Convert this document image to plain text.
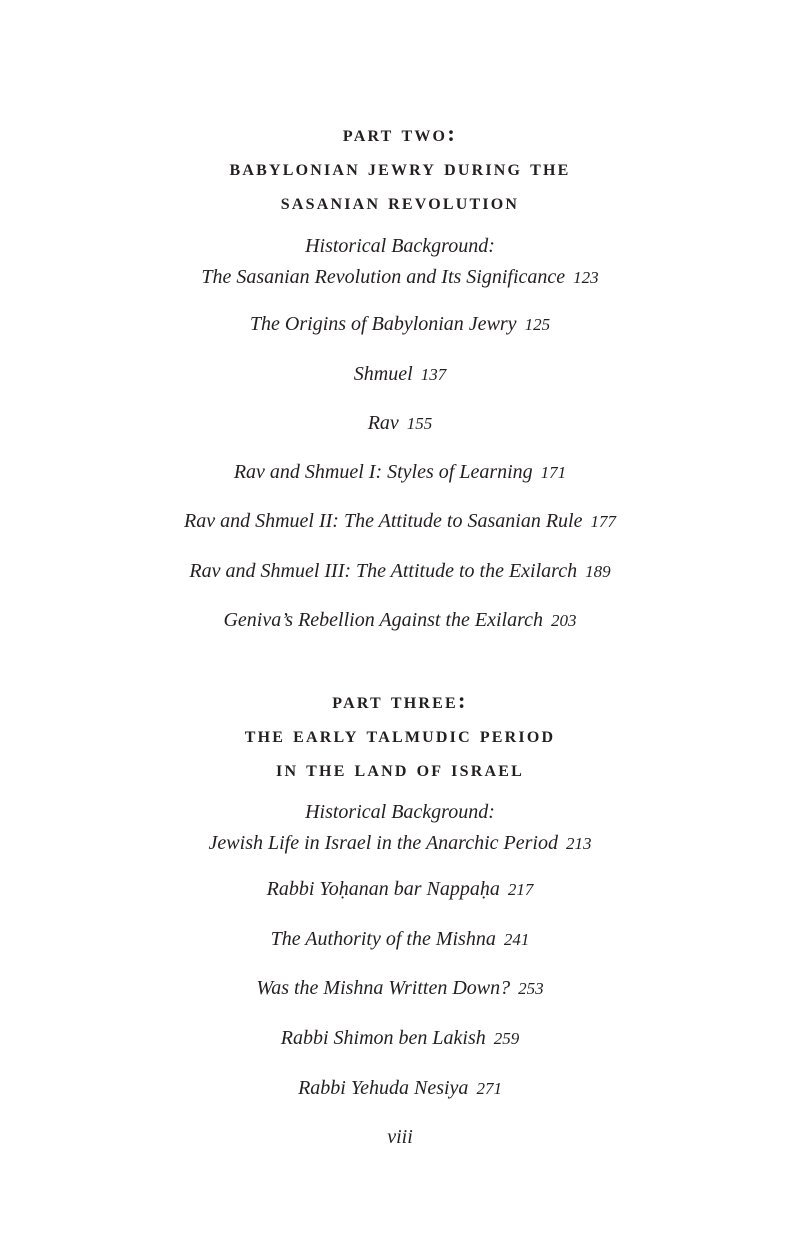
part two:
babylonian jewry during the
sasanian revolution
Historical Background:
The Sasanian Revolution and Its Significance 123
The Origins of Babylonian Jewry 125
Shmuel 137
Rav 155
Rav and Shmuel I: Styles of Learning 171
Rav and Shmuel II: The Attitude to Sasanian Rule 177
Rav and Shmuel III: The Attitude to the Exilarch 189
Geniva’s Rebellion Against the Exilarch 203
part three:
the early talmudic period
in the land of israel
Historical Background:
Jewish Life in Israel in the Anarchic Period 213
Rabbi Yoḥanan bar Nappaḥa 217
The Authority of the Mishna 241
Was the Mishna Written Down? 253
Rabbi Shimon ben Lakish 259
Rabbi Yehuda Nesiya 271
viii
